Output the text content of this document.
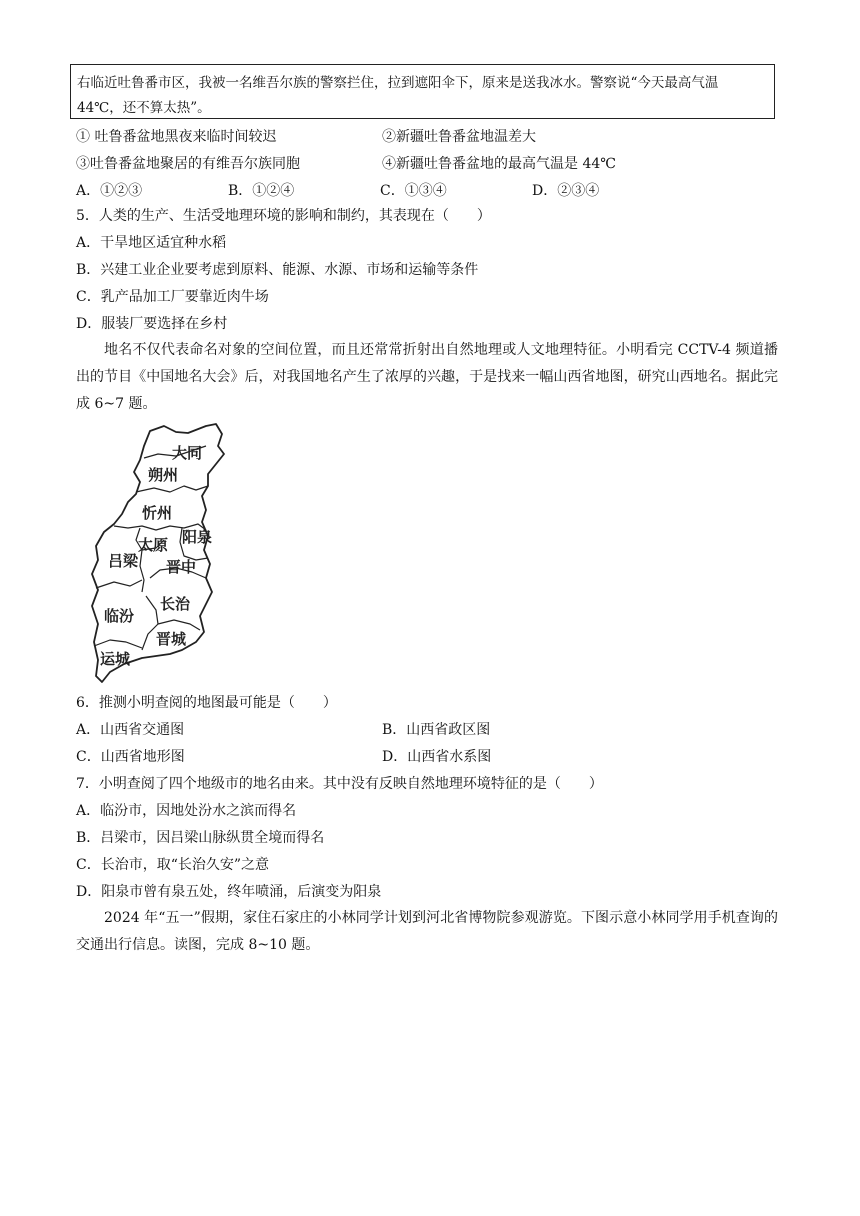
右临近吐鲁番市区，我被一名维吾尔族的警察拦住，拉到遮阳伞下，原来是送我冰水。警察说“今天最高气温 44℃，还不算太热”。
① 吐鲁番盆地黑夜来临时间较迟	②新疆吐鲁番盆地温差大
③吐鲁番盆地聚居的有维吾尔族同胞	④新疆吐鲁番盆地的最高气温是 44℃
A．①②③	B．①②④	C．①③④	D．②③④
5．人类的生产、生活受地理环境的影响和制约，其表现在（　　）
A．干旱地区适宜种水稻
B．兴建工业企业要考虑到原料、能源、水源、市场和运输等条件
C．乳产品加工厂要靠近肉牛场
D．服装厂要选择在乡村
地名不仅代表命名对象的空间位置，而且还常常折射出自然地理或人文地理特征。小明看完 CCTV-4 频道播出的节目《中国地名大会》后，对我国地名产生了浓厚的兴趣，于是找来一幅山西省地图，研究山西地名。据此完成 6~7 题。
大同
朔州
忻州
阳泉
太原
吕梁 晋中
长治
临汾
晋城
运城
6．推测小明查阅的地图最可能是（　　）
A．山西省交通图	B．山西省政区图
C．山西省地形图	D．山西省水系图
7．小明查阅了四个地级市的地名由来。其中没有反映自然地理环境特征的是（　　）
A．临汾市，因地处汾水之滨而得名
B．吕梁市，因吕梁山脉纵贯全境而得名
C．长治市，取“长治久安”之意
D．阳泉市曾有泉五处，终年喷涌，后演变为阳泉
2024 年“五一”假期，家住石家庄的小林同学计划到河北省博物院参观游览。下图示意小林同学用手机查询的交通出行信息。读图，完成 8~10 题。
